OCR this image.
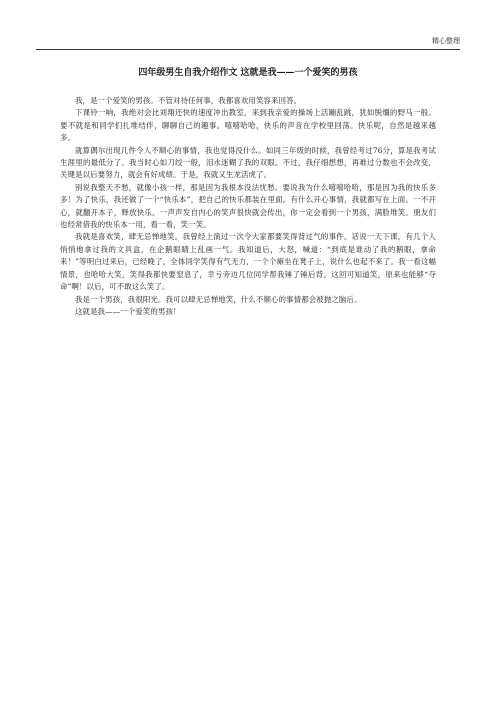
精心整理
四年级男生自我介绍作文 这就是我——一个爱笑的男孩

我，是一个爱笑的男孩。不管对待任何事，我都喜欢用笑容来回答。

下课铃一响，我绝对会比刘翔还快的速度冲出教室，来到我亲爱的操场上活蹦乱跳，犹如脱缰的野马一般。要不就是和同学们扎堆结伴，聊聊自己的趣事。嘻嘻哈哈，快乐的声音在学校里回荡。快乐呢，自然是越来越多。

就算偶尔出现几件令人不顺心的事情，我也觉得没什么。如同三年级的时候，我曾经考过76分，算是我考试生涯里的最低分了。我当时心如刀绞一般，泪水迷糊了我的双眼。不过，我仔细想想，再难过分数也不会改变，关键是以后要努力，就会有好成绩。于是，我就又生龙活虎了。

别说我整天不愁，就像小孩一样，那是因为我根本没法忧愁。要说我为什么嘻嘻哈哈，那是因为我的快乐多多！为了快乐，我还做了一个“快乐本”，把自己的快乐都装在里面。有什么开心事情，我就都写在上面。一不开心，就翻开本子，释放快乐。一声声发自内心的笑声很快就会传出，你一定会看到一个男孩，满脸堆笑。朋友们也经常借我的快乐本一用，看一看，笑一笑。

我就是喜欢笑，肆无忌惮地笑。我曾经上演过一次令大家都要笑得背过气的事件。话说一天下课，有几个人悄悄地拿过我的文具盒，在企鹅眼睛上乱画一气。我知道后，大怒，喊道：“到底是谁动了我的鹅眼，拿命来！”等明白过来后，已经晚了，全体同学笑得有气无力，一个个瘫坐在凳子上，说什么也起不来了。我一看这幅情景，也哈哈大笑，笑得我都快要窒息了，幸亏旁边几位同学帮我锤了锤后背。这回可知道笑，原来也能够“夺命”啊！以后，可不敢这么笑了。

我是一个男孩，我很阳光。我可以肆无忌惮地笑，什么不顺心的事情都会被抛之脑后。

这就是我——一个爱笑的男孩！
